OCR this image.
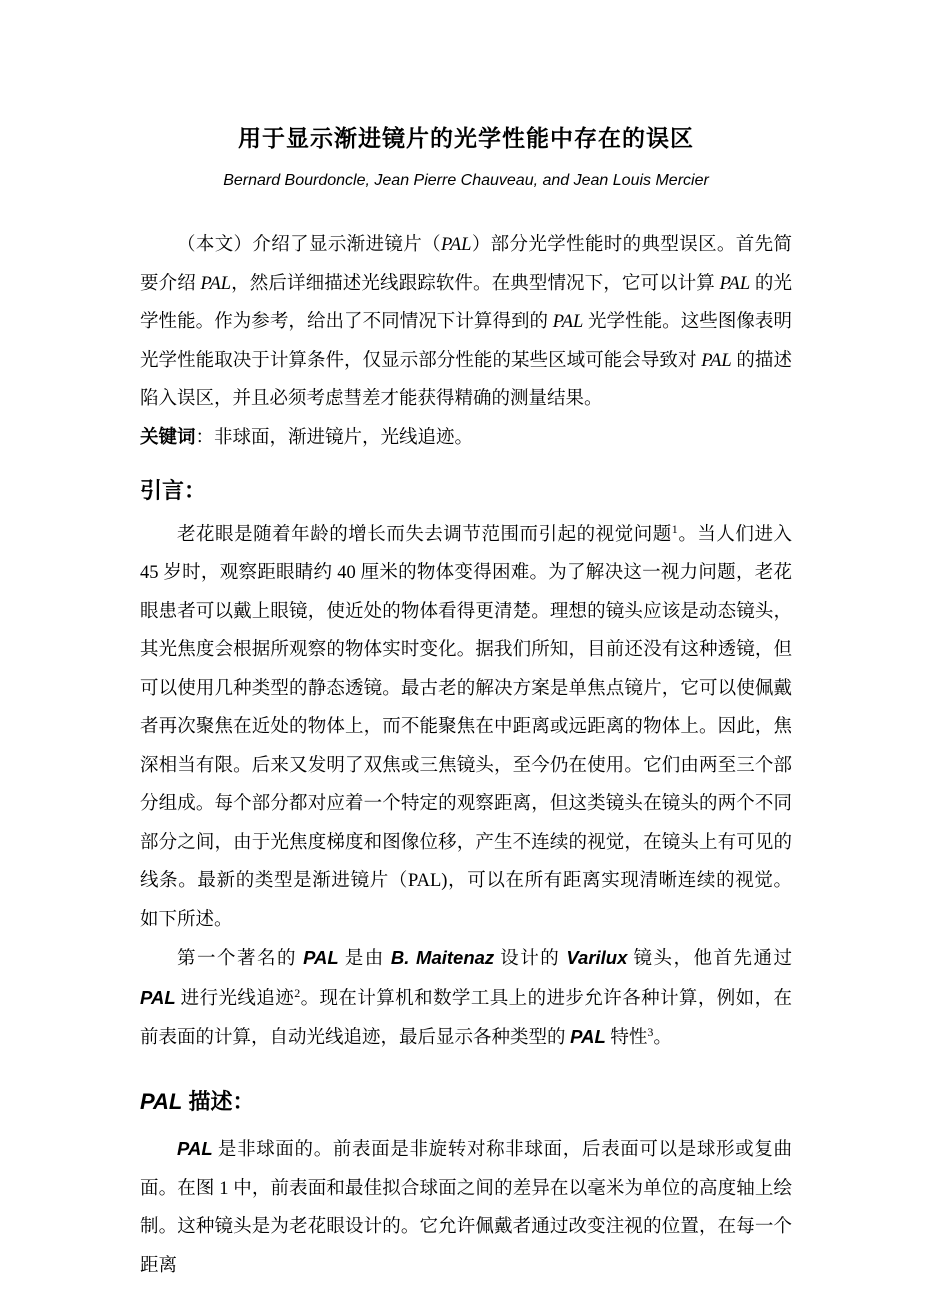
用于显示渐进镜片的光学性能中存在的误区
Bernard Bourdoncle, Jean Pierre Chauveau, and Jean Louis Mercier

（本文）介绍了显示渐进镜片（PAL）部分光学性能时的典型误区。首先简要介绍 PAL，然后详细描述光线跟踪软件。在典型情况下，它可以计算 PAL 的光学性能。作为参考，给出了不同情况下计算得到的 PAL 光学性能。这些图像表明光学性能取决于计算条件，仅显示部分性能的某些区域可能会导致对 PAL 的描述陷入误区，并且必须考虑彗差才能获得精确的测量结果。

关键词：非球面，渐进镜片，光线追迹。

引言：

老花眼是随着年龄的增长而失去调节范围而引起的视觉问题$^1$。当人们进入 45 岁时，观察距眼睛约 40 厘米的物体变得困难。为了解决这一视力问题，老花眼患者可以戴上眼镜，使近处的物体看得更清楚。理想的镜头应该是动态镜头，其光焦度会根据所观察的物体实时变化。据我们所知，目前还没有这种透镜，但可以使用几种类型的静态透镜。最古老的解决方案是单焦点镜片，它可以使佩戴者再次聚焦在近处的物体上，而不能聚焦在中距离或远距离的物体上。因此，焦深相当有限。后来又发明了双焦或三焦镜头，至今仍在使用。它们由两至三个部分组成。每个部分都对应着一个特定的观察距离，但这类镜头在镜头的两个不同部分之间，由于光焦度梯度和图像位移，产生不连续的视觉，在镜头上有可见的线条。最新的类型是渐进镜片（PAL)，可以在所有距离实现清晰连续的视觉。 如下所述。

第一个著名的 PAL 是由 B. Maitenaz 设计的 Varilux 镜头，他首先通过 PAL 进行光线追迹$^2$。现在计算机和数学工具上的进步允许各种计算，例如，在前表面的计算，自动光线追迹，最后显示各种类型的 PAL 特性$^3$。

PAL 描述：

PAL 是非球面的。前表面是非旋转对称非球面，后表面可以是球形或复曲面。在图 1 中，前表面和最佳拟合球面之间的差异在以毫米为单位的高度轴上绘制。这种镜头是为老花眼设计的。它允许佩戴者通过改变注视的位置，在每一个距离
